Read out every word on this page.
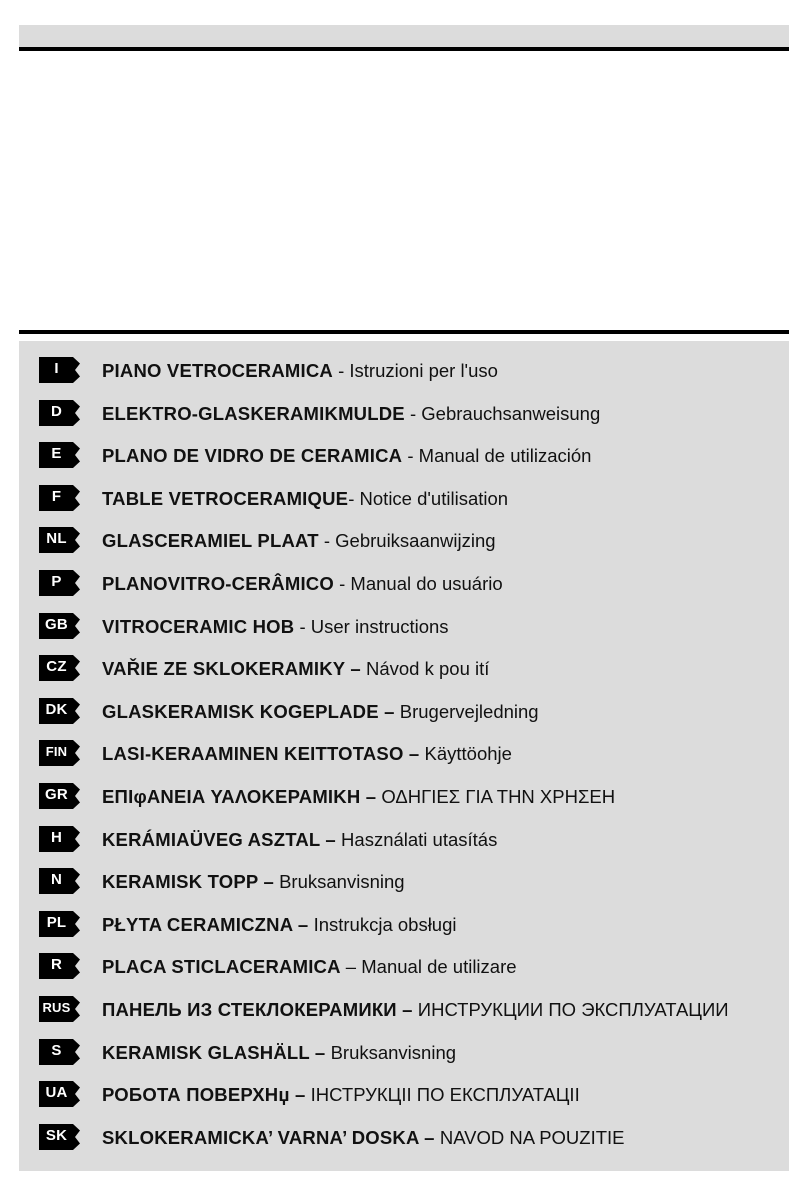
I	PIANO VETROCERAMICA - Istruzioni per l'uso
D	ELEKTRO-GLASKERAMIKMULDE - Gebrauchsanweisung
E	PLANO DE VIDRO DE CERAMICA - Manual de utilización
F	TABLE VETROCERAMIQUE- Notice d'utilisation
NL	GLASCERAMIEL PLAAT - Gebruiksaanwijzing
P	PLANOVITRO-CERÂMICO - Manual do usuário
GB	VITROCERAMIC HOB - User instructions
CZ	VAŘIE ZE SKLOKERAMIKY – Návod k pou ití
DK	GLASKERAMISK KOGEPLADE – Brugervejledning
FIN	LASI-KERAAMINEN KEITTOTASO – Käyttöohje
GR	ΕΠΙφΑΝΕΙΑ ΥΑΛΟΚΕΡΑΜΙΚΗ – ΟΔΗΓΙΕΣ ΓΙΑ ΤΗΝ ΧΡΗΣΕΗ
H	KERÁMIAÜVEG ASZTAL – Használati utasítás
N	KERAMISK TOPP – Bruksanvisning
PL	PŁYTA CERAMICZNA – Instrukcja obsługi
R	PLACA STICLACERAMICA – Manual de utilizare
RUS ПАНЕЛЬ ИЗ СТЕКЛОКЕРАМИКИ – ИНСТРУКЦИИ ПО ЭКСПЛУАТАЦИИ
S	KERAMISK GLASHÄLL – Bruksanvisning
UA	РОБОТА ПОВЕРХНџ – ІНСТРУКЦІІ ПО ЕКСПЛУАТАЦІІ
SK	SKLOKERAMICKA’ VARNA’ DOSKA – NAVOD NA POUZITIE
